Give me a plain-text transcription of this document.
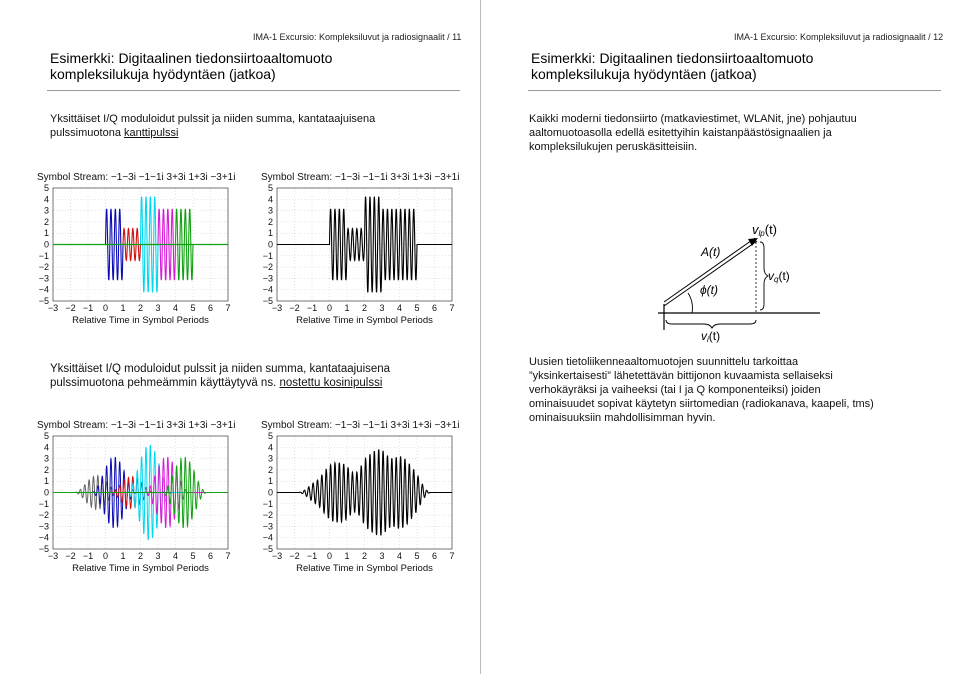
IMA-1 Excursio: Kompleksiluvut ja radiosignaalit / 11
Esimerkki: Digitaalinen tiedonsiirtoaaltomuoto
kompleksilukuja hyödyntäen (jatkoa)
Yksittäiset I/Q moduloidut pulssit ja niiden summa, kantataajuisena
pulssimuotona kanttipulssi
Symbol Stream: −1−3i −1−1i 3+3i 1+3i −3+1i
−3 −2 −1 0 1 2 3 4 5 6 7
5
4
3
2
1
0
−1
−2
−3
−4
−5
Relative Time in Symbol Periods
Symbol Stream: −1−3i −1−1i 3+3i 1+3i −3+1i
−3 −2 −1 0 1 2 3 4 5 6 7
5
4
3
2
1
0
−1
−2
−3
−4
−5
Relative Time in Symbol Periods
Yksittäiset I/Q moduloidut pulssit ja niiden summa, kantataajuisena
pulssimuotona pehmeämmin käyttäytyvä ns. nostettu kosinipulssi
Symbol Stream: −1−3i −1−1i 3+3i 1+3i −3+1i
−3 −2 −1 0 1 2 3 4 5 6 7
5
4
3
2
1
0
−1
−2
−3
−4
−5
Relative Time in Symbol Periods
Symbol Stream: −1−3i −1−1i 3+3i 1+3i −3+1i
−3 −2 −1 0 1 2 3 4 5 6 7
5
4
3
2
1
0
−1
−2
−3
−4
−5
Relative Time in Symbol Periods
IMA-1 Excursio: Kompleksiluvut ja radiosignaalit / 12
Esimerkki: Digitaalinen tiedonsiirtoaaltomuoto
kompleksilukuja hyödyntäen (jatkoa)
Kaikki moderni tiedonsiirto (matkaviestimet, WLANit, jne) pohjautuu
aaltomuotoasolla edellä esitettyihin kaistanpäästösignaalien ja
kompleksilukujen peruskäsitteisiin.
A(t)
ϕ(t)
vi(t)
vq(t)
vlp(t)
Uusien tietoliikenneaaltomuotojen suunnittelu tarkoittaa
”yksinkertaisesti” lähetettävän bittijonon kuvaamista sellaiseksi
verhokäyräksi ja vaiheeksi (tai I ja Q komponenteiksi) joiden
ominaisuudet sopivat käytetyn siirtomedian (radiokanava, kaapeli, tms)
ominaisuuksiin mahdollisimman hyvin.
